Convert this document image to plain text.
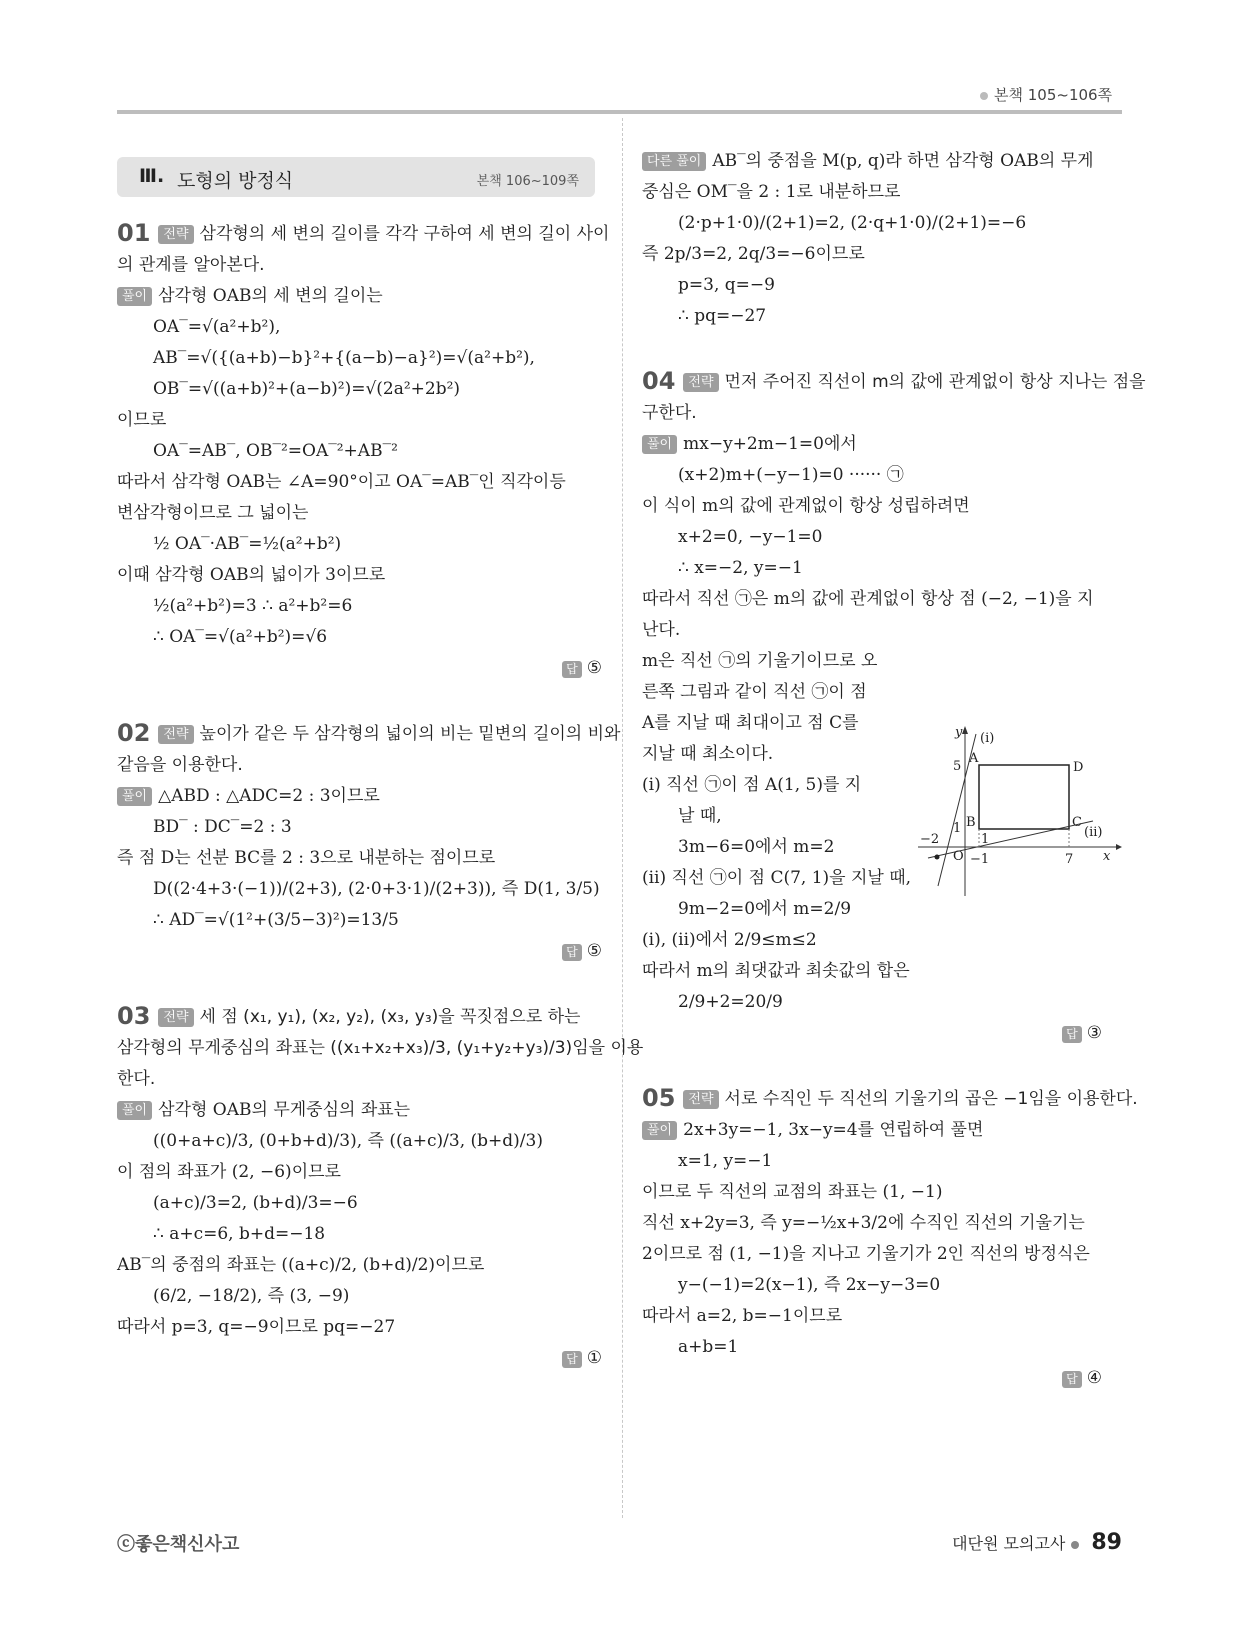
본책 105~106쪽
Ⅲ. 도형의 방정식	본책 106~109쪽

01 전략 삼각형의 세 변의 길이를 각각 구하여 세 변의 길이 사이

의 관계를 알아본다.

풀이 삼각형 OAB의 세 변의 길이는

OA‾=√(a²+b²),

AB‾=√({(a+b)−b}²+{(a−b)−a}²)=√(a²+b²),

OB‾=√((a+b)²+(a−b)²)=√(2a²+2b²)

이므로

OA‾=AB‾, OB‾²=OA‾²+AB‾²

따라서 삼각형 OAB는 ∠A=90°이고 OA‾=AB‾인 직각이등

변삼각형이므로 그 넓이는

½ OA‾·AB‾=½(a²+b²)

이때 삼각형 OAB의 넓이가 3이므로

½(a²+b²)=3 ∴ a²+b²=6

∴ OA‾=√(a²+b²)=√6

답 ⑤

02 전략 높이가 같은 두 삼각형의 넓이의 비는 밑변의 길이의 비와

같음을 이용한다.

풀이 △ABD : △ADC=2 : 3이므로

BD‾ : DC‾=2 : 3

즉 점 D는 선분 BC를 2 : 3으로 내분하는 점이므로

D((2·4+3·(−1))/(2+3), (2·0+3·1)/(2+3)), 즉 D(1, 3/5)

∴ AD‾=√(1²+(3/5−3)²)=13/5

답 ⑤

03 전략 세 점 (x₁, y₁), (x₂, y₂), (x₃, y₃)을 꼭짓점으로 하는

삼각형의 무게중심의 좌표는 ((x₁+x₂+x₃)/3, (y₁+y₂+y₃)/3)임을 이용

한다.

풀이 삼각형 OAB의 무게중심의 좌표는

((0+a+c)/3, (0+b+d)/3), 즉 ((a+c)/3, (b+d)/3)

이 점의 좌표가 (2, −6)이므로

(a+c)/3=2, (b+d)/3=−6

∴ a+c=6, b+d=−18

AB‾의 중점의 좌표는 ((a+c)/2, (b+d)/2)이므로

(6/2, −18/2), 즉 (3, −9)

따라서 p=3, q=−9이므로 pq=−27

답 ①

다른 풀이 AB‾의 중점을 M(p, q)라 하면 삼각형 OAB의 무게

중심은 OM‾을 2 : 1로 내분하므로

(2·p+1·0)/(2+1)=2, (2·q+1·0)/(2+1)=−6

즉 2p/3=2, 2q/3=−6이므로

p=3, q=−9

∴ pq=−27

04 전략 먼저 주어진 직선이 m의 값에 관계없이 항상 지나는 점을

구한다.

풀이 mx−y+2m−1=0에서

(x+2)m+(−y−1)=0 ······ ㉠

이 식이 m의 값에 관계없이 항상 성립하려면

x+2=0, −y−1=0

∴ x=−2, y=−1

따라서 직선 ㉠은 m의 값에 관계없이 항상 점 (−2, −1)을 지

난다.

m은 직선 ㉠의 기울기이므로 오

른쪽 그림과 같이 직선 ㉠이 점

A를 지날 때 최대이고 점 C를

지날 때 최소이다.

(ⅰ) 직선 ㉠이 점 A(1, 5)를 지

날 때,

3m−6=0에서 m=2

(ⅱ) 직선 ㉠이 점 C(7, 1)을 지날 때,

9m−2=0에서 m=2/9

(ⅰ), (ⅱ)에서 2/9≤m≤2

따라서 m의 최댓값과 최솟값의 합은

2/9+2=20/9

답 ③

05 전략 서로 수직인 두 직선의 기울기의 곱은 −1임을 이용한다.

풀이 2x+3y=−1, 3x−y=4를 연립하여 풀면

x=1, y=−1

이므로 두 직선의 교점의 좌표는 (1, −1)

직선 x+2y=3, 즉 y=−½x+3/2에 수직인 직선의 기울기는

2이므로 점 (1, −1)을 지나고 기울기가 2인 직선의 방정식은

y−(−1)=2(x−1), 즉 2x−y−3=0

따라서 a=2, b=−1이므로

a+b=1

답 ④

y (i)
A
5	D
B
1	C
(ii)
−2	1
O	7 x
−1
ⓒ좋은책신사고	대단원 모의고사 89
